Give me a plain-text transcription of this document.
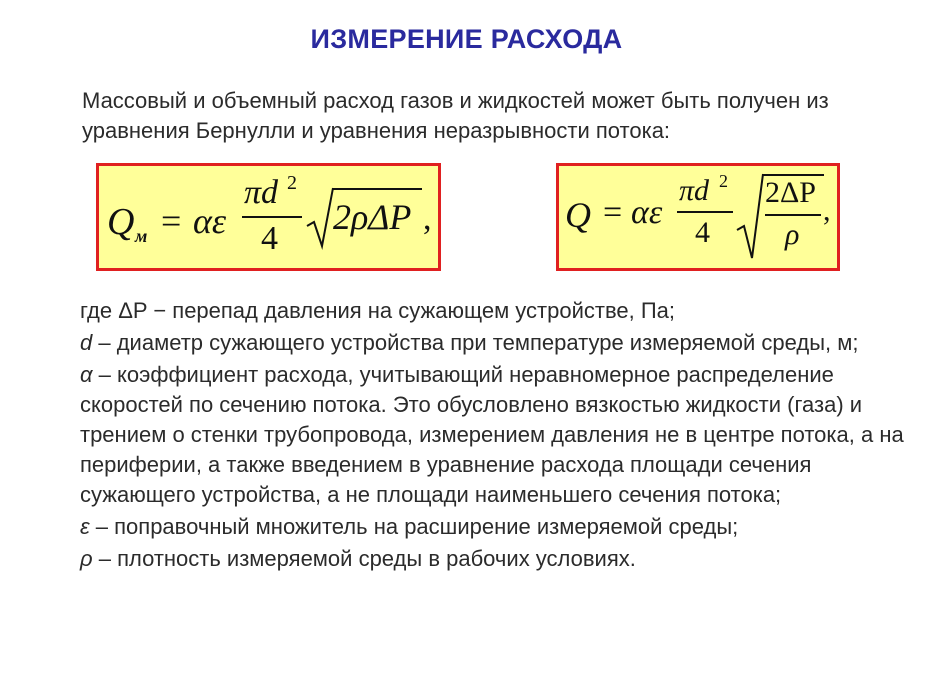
ИЗМЕРЕНИЕ РАСХОДА
Массовый и объемный расход газов и жидкостей может быть получен из уравнения Бернулли и уравнения неразрывности потока:
Q м = αε
πd 2
4
2ρΔP ,	Q = αε
πd 2
4
2ΔP
ρ
,

где ΔP − перепад давления на сужающем устройстве, Па;

d – диаметр сужающего устройства при температуре измеряемой среды, м;

α – коэффициент расхода, учитывающий неравномерное распределение скоростей по сечению потока. Это обусловлено вязкостью жидкости (газа) и трением о стенки трубопровода, измерением давления не в центре потока, а на периферии, а также введением в уравнение расхода площади сечения сужающего устройства, а не площади наименьшего сечения потока;

ε – поправочный множитель на расширение измеряемой среды;

ρ – плотность измеряемой среды в рабочих условиях.
